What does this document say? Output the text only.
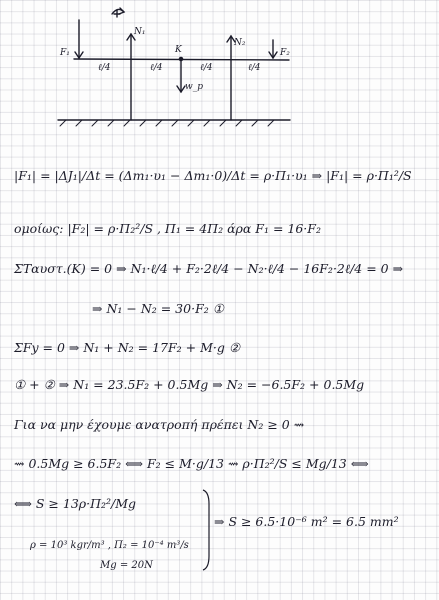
F₁
N₁
K
N₂
F₂
w_p
ℓ/4	ℓ/4	ℓ/4	ℓ/4
|F₁| = |ΔJ₁|/Δt = (Δm₁·υ₁ − Δm₁·0)/Δt = ρ·Π₁·υ₁ ⇒ |F₁| = ρ·Π₁²/S
ομοίως: |F₂| = ρ·Π₂²/S , Π₁ = 4Π₂ άρα F₁ = 16·F₂
ΣΤαυστ.(K) = 0 ⇒ N₁·ℓ/4 + F₂·2ℓ/4 − N₂·ℓ/4 − 16F₂·2ℓ/4 = 0 ⇒
⇒ N₁ − N₂ = 30·F₂ ①
ΣFy = 0 ⇒ N₁ + N₂ = 17F₂ + M·g ②
① + ② ⇒ N₁ = 23.5F₂ + 0.5Mg ⇒ N₂ = −6.5F₂ + 0.5Mg
Για να μην έχουμε ανατροπή πρέπει N₂ ≥ 0 ⇝
⇝ 0.5Mg ≥ 6.5F₂ ⟺ F₂ ≤ M·g/13 ⇝ ρ·Π₂²/S ≤ Mg/13 ⟺
⟺ S ≥ 13ρ·Π₂²/Mg
⇒ S ≥ 6.5·10⁻⁶ m² = 6.5 mm²
ρ = 10³ kgr/m³ , Π₂ = 10⁻⁴ m³/s
Mg = 20N
